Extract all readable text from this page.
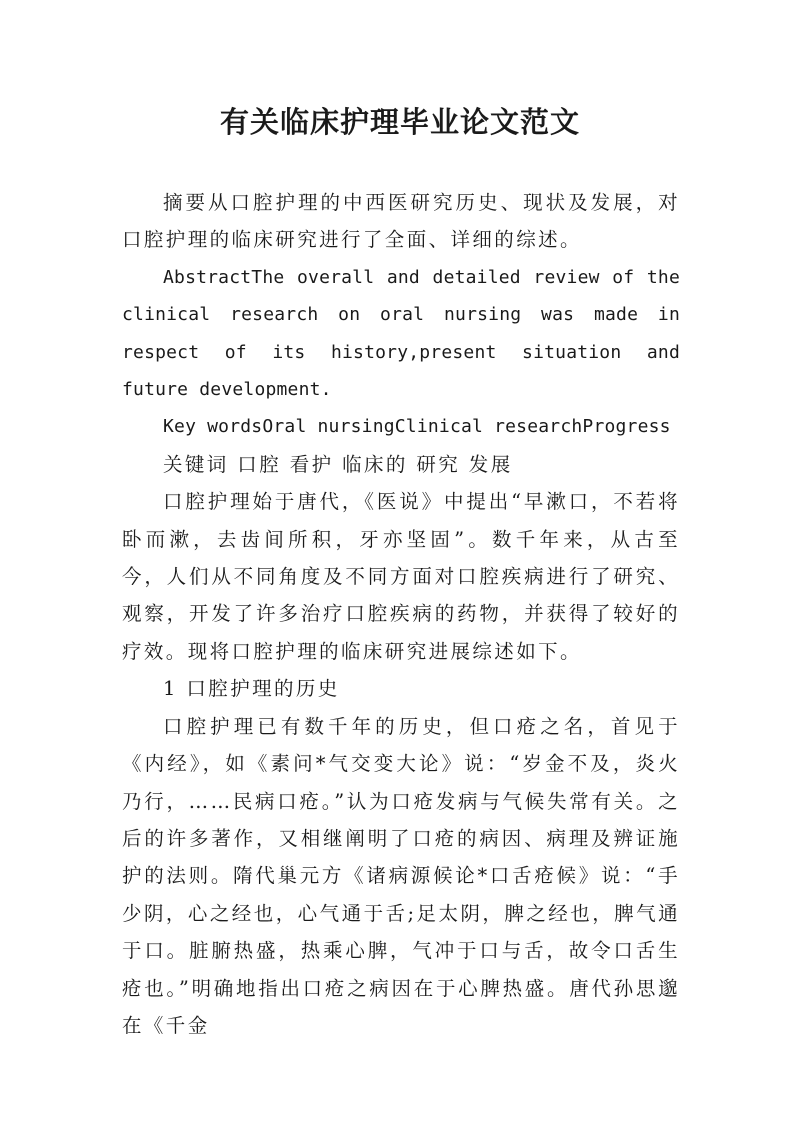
有关临床护理毕业论文范文

摘要从口腔护理的中西医研究历史、现状及发展，对口腔护理的临床研究进行了全面、详细的综述。

AbstractThe overall and detailed review of the clinical research on oral nursing was made in respect of its history,present situation and future development.

Key wordsOral nursingClinical researchProgress

关键词 口腔 看护 临床的 研究 发展

口腔护理始于唐代，《医说》中提出“早漱口，不若将卧而漱，去齿间所积，牙亦坚固”。数千年来，从古至今，人们从不同角度及不同方面对口腔疾病进行了研究、观察，开发了许多治疗口腔疾病的药物，并获得了较好的疗效。现将口腔护理的临床研究进展综述如下。

1 口腔护理的历史

口腔护理已有数千年的历史，但口疮之名，首见于《内经》，如《素问*气交变大论》说：“岁金不及，炎火乃行，……民病口疮。”认为口疮发病与气候失常有关。之后的许多著作，又相继阐明了口疮的病因、病理及辨证施护的法则。隋代巢元方《诸病源候论*口舌疮候》说：“手少阴，心之经也，心气通于舌;足太阴，脾之经也，脾气通于口。脏腑热盛，热乘心脾，气冲于口与舌，故令口舌生疮也。”明确地指出口疮之病因在于心脾热盛。唐代孙思邈在《千金
